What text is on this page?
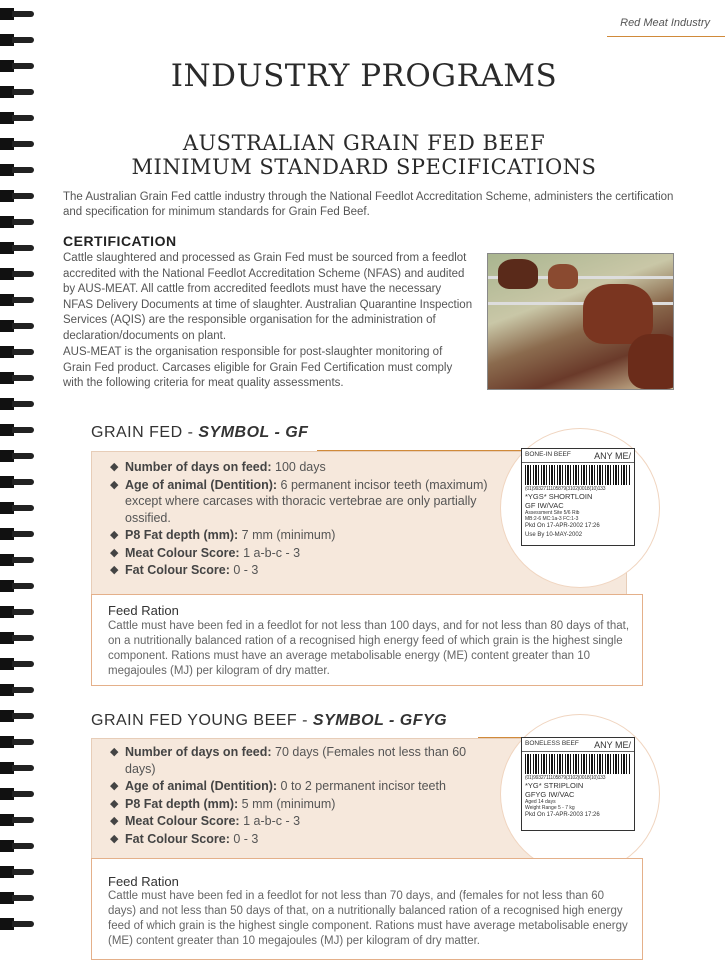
Red Meat Industry
INDUSTRY PROGRAMS
AUSTRALIAN GRAIN FED BEEF
MINIMUM STANDARD SPECIFICATIONS
The Australian Grain Fed cattle industry through the National Feedlot Accreditation Scheme, administers the certification and specification for minimum standards for Grain Fed Beef.
CERTIFICATION
Cattle slaughtered and processed as Grain Fed must be sourced from a feedlot accredited with the National Feedlot Accreditation Scheme (NFAS) and audited by AUS-MEAT. All cattle from accredited feedlots must have the necessary NFAS Delivery Documents at time of slaughter. Australian Quarantine Inspection Services (AQIS) are the responsible organisation for the administration of declaration/documents on plant.
AUS-MEAT is the organisation responsible for post-slaughter monitoring of Grain Fed product. Carcases eligible for Grain Fed Certification must comply with the following criteria for meat quality assessments.
GRAIN FED - SYMBOL - GF
◆ Number of days on feed: 100 days
◆ Age of animal (Dentition): 6 permanent incisor teeth (maximum) except where carcases with thoracic vertebrae are only partially ossified.
◆ P8 Fat depth (mm): 7 mm (minimum)
◆ Meat Colour Score: 1 a-b-c - 3
◆ Fat Colour Score: 0 - 3
BONE-IN BEEF	ANY ME/
(01)9932711105879(3102)0018(10)133
*YGS* SHORTLOIN
GF IW/VAC
Assessment Site 5/6 Rib
MB:2-6 MC:1a-3 FC:1-3
Pkd On 17-APR-2002 17:26
Use By 10-MAY-2002
Feed Ration
Cattle must have been fed in a feedlot for not less than 100 days, and for not less than 80 days of that, on a nutritionally balanced ration of a recognised high energy feed of which grain is the highest single component. Rations must have an average metabolisable energy (ME) content greater than 10 megajoules (MJ) per kilogram of dry matter.
GRAIN FED YOUNG BEEF - SYMBOL - GFYG
◆ Number of days on feed: 70 days (Females not less than 60 days)
◆ Age of animal (Dentition): 0 to 2 permanent incisor teeth
◆ P8 Fat depth (mm): 5 mm (minimum)
◆ Meat Colour Score: 1 a-b-c - 3
◆ Fat Colour Score: 0 - 3
BONELESS BEEF ANY ME/
(01)9932711105879(3102)0018(10)133
*YG* STRIPLOIN
GFYG IW/VAC
Aged 14 days
Weight Range 5 - 7 kg
Pkd On 17-APR-2003 17:26
Feed Ration
Cattle must have been fed in a feedlot for not less than 70 days, and (females for not less than 60 days) and not less than 50 days of that, on a nutritionally balanced ration of a recognised high energy feed of which grain is the highest single component. Rations must have average metabolisable energy (ME) content greater than 10 megajoules (MJ) per kilogram of dry matter.
